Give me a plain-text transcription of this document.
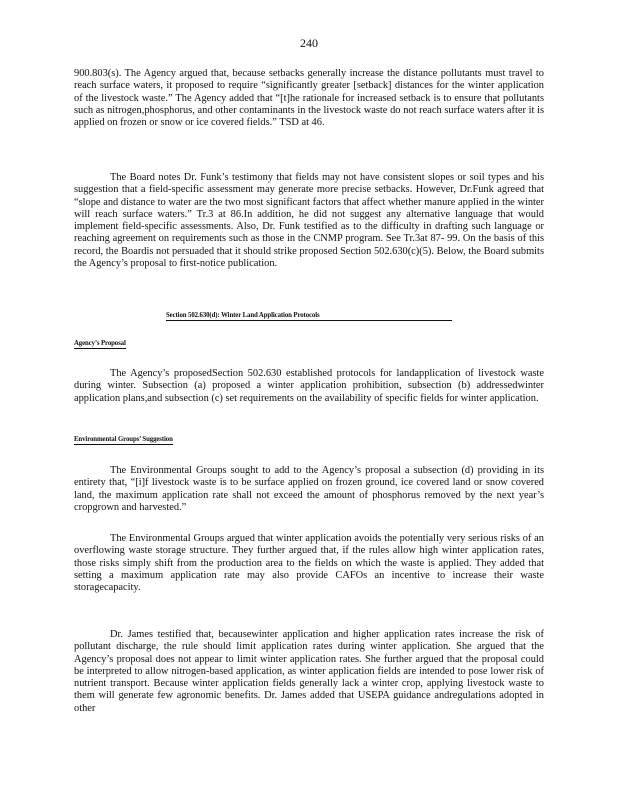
240

900.803(s). The Agency argued that, because setbacks generally increase the distance pollutants must travel to reach surface waters, it proposed to require “significantly greater [setback] distances for the winter application of the livestock waste.” The Agency added that “[t]he rationale for increased setback is to ensure that pollutants such as nitrogen,phosphorus, and other contaminants in the livestock waste do not reach surface waters after it is applied on frozen or snow or ice covered fields.” TSD at 46.

The Board notes Dr. Funk’s testimony that fields may not have consistent slopes or soil types and his suggestion that a field-specific assessment may generate more precise setbacks. However, Dr.Funk agreed that “slope and distance to water are the two most significant factors that affect whether manure applied in the winter will reach surface waters.” Tr.3 at 86.In addition, he did not suggest any alternative language that would implement field-specific assessments. Also, Dr. Funk testified as to the difficulty in drafting such language or reaching agreement on requirements such as those in the CNMP program. See Tr.3at 87- 99. On the basis of this record, the Boardis not persuaded that it should strike proposed Section 502.630(c)(5). Below, the Board submits the Agency’s proposal to first-notice publication.

Section 502.630(d): Winter Land Application Protocols
Agency’s Proposal

The Agency’s proposedSection 502.630 established protocols for landapplication of livestock waste during winter. Subsection (a) proposed a winter application prohibition, subsection (b) addressedwinter application plans,and subsection (c) set requirements on the availability of specific fields for winter application.

Environmental Groups’ Suggestion

The Environmental Groups sought to add to the Agency’s proposal a subsection (d) providing in its entirety that, “[i]f livestock waste is to be surface applied on frozen ground, ice covered land or snow covered land, the maximum application rate shall not exceed the amount of phosphorus removed by the next year’s cropgrown and harvested.”

The Environmental Groups argued that winter application avoids the potentially very serious risks of an overflowing waste storage structure. They further argued that, if the rules allow high winter application rates, those risks simply shift from the production area to the fields on which the waste is applied. They added that setting a maximum application rate may also provide CAFOs an incentive to increase their waste storagecapacity.

Dr. James testified that, becausewinter application and higher application rates increase the risk of pollutant discharge, the rule should limit application rates during winter application. She argued that the Agency’s proposal does not appear to limit winter application rates. She further argued that the proposal could be interpreted to allow nitrogen-based application, as winter application fields are intended to pose lower risk of nutrient transport. Because winter application fields generally lack a winter crop, applying livestock waste to them will generate few agronomic benefits. Dr. James added that USEPA guidance andregulations adopted in other
